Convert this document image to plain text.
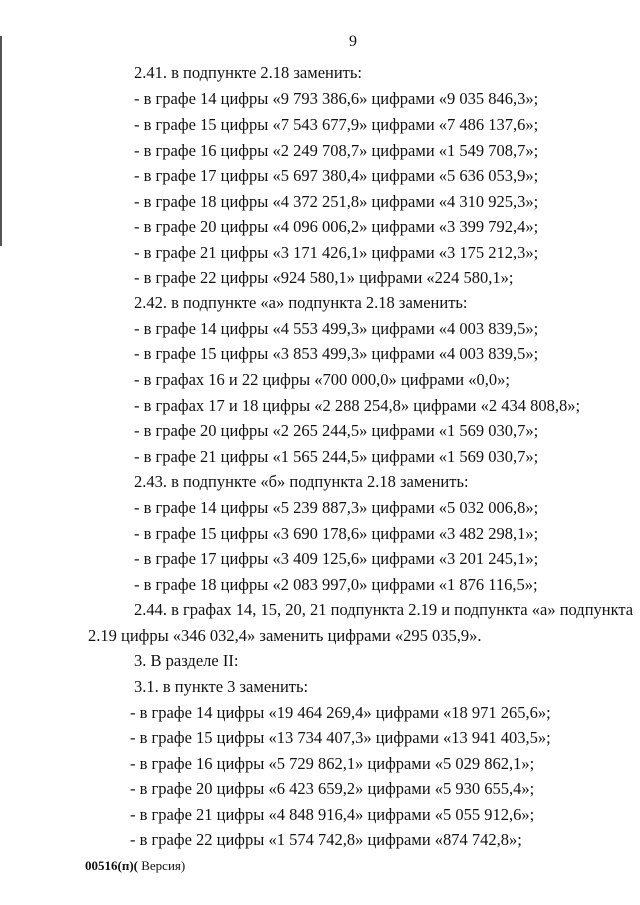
9
2.41. в подпункте 2.18 заменить:
- в графе 14 цифры «9 793 386,6» цифрами «9 035 846,3»;
- в графе 15 цифры «7 543 677,9» цифрами «7 486 137,6»;
- в графе 16 цифры «2 249 708,7» цифрами «1 549 708,7»;
- в графе 17 цифры «5 697 380,4» цифрами «5 636 053,9»;
- в графе 18 цифры «4 372 251,8» цифрами «4 310 925,3»;
- в графе 20 цифры «4 096 006,2» цифрами «3 399 792,4»;
- в графе 21 цифры «3 171 426,1» цифрами «3 175 212,3»;
- в графе 22 цифры «924 580,1» цифрами «224 580,1»;
2.42. в подпункте «а» подпункта 2.18 заменить:
- в графе 14 цифры «4 553 499,3» цифрами «4 003 839,5»;
- в графе 15 цифры «3 853 499,3» цифрами «4 003 839,5»;
- в графах 16 и 22 цифры «700 000,0» цифрами «0,0»;
- в графах 17 и 18 цифры «2 288 254,8» цифрами «2 434 808,8»;
- в графе 20 цифры «2 265 244,5» цифрами «1 569 030,7»;
- в графе 21 цифры «1 565 244,5» цифрами «1 569 030,7»;
2.43. в подпункте «б» подпункта 2.18 заменить:
- в графе 14 цифры «5 239 887,3» цифрами «5 032 006,8»;
- в графе 15 цифры «3 690 178,6» цифрами «3 482 298,1»;
- в графе 17 цифры «3 409 125,6» цифрами «3 201 245,1»;
- в графе 18 цифры «2 083 997,0» цифрами «1 876 116,5»;
2.44. в графах 14, 15, 20, 21 подпункта 2.19 и подпункта «а» подпункта
2.19 цифры «346 032,4» заменить цифрами «295 035,9».
3. В разделе II:
3.1. в пункте 3 заменить:
- в графе 14 цифры «19 464 269,4» цифрами «18 971 265,6»;
- в графе 15 цифры «13 734 407,3» цифрами «13 941 403,5»;
- в графе 16 цифры «5 729 862,1» цифрами «5 029 862,1»;
- в графе 20 цифры «6 423 659,2» цифрами «5 930 655,4»;
- в графе 21 цифры «4 848 916,4» цифрами «5 055 912,6»;
- в графе 22 цифры «1 574 742,8» цифрами «874 742,8»;
00516(п)( Версия)
